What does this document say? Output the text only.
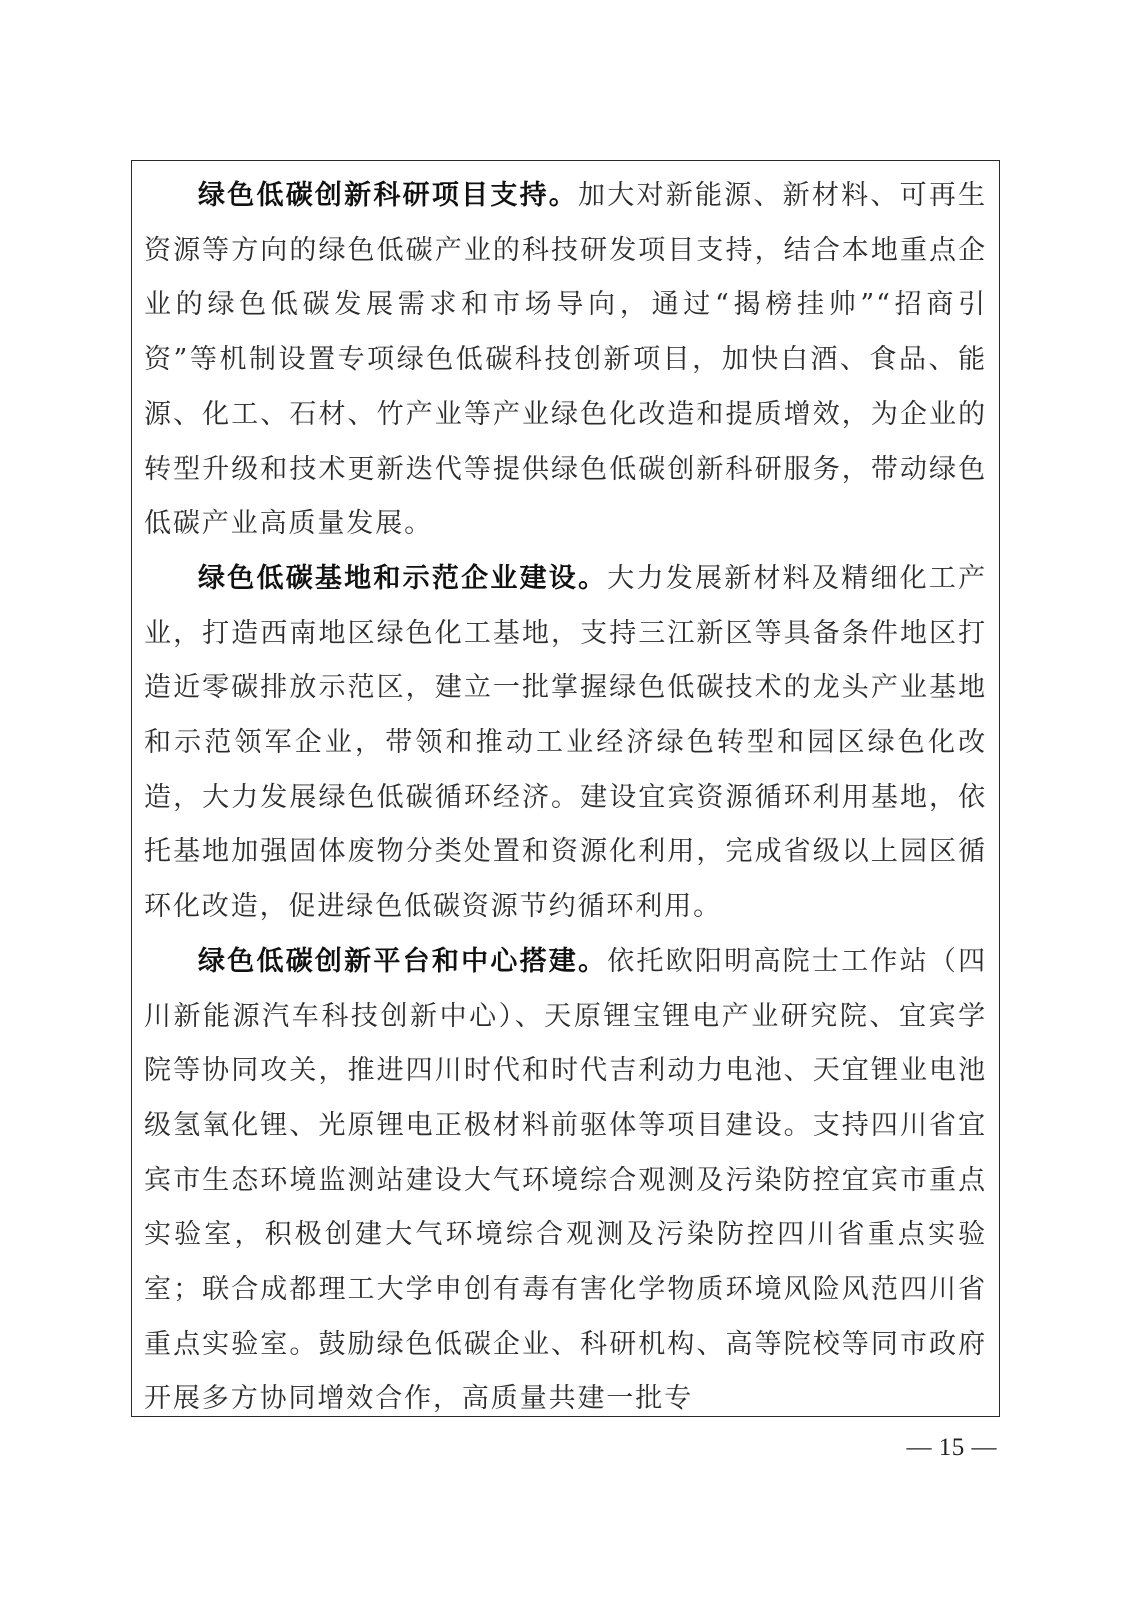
绿色低碳创新科研项目支持。加大对新能源、新材料、可再生资源等方向的绿色低碳产业的科技研发项目支持，结合本地重点企业的绿色低碳发展需求和市场导向，通过“揭榜挂帅”“招商引资”等机制设置专项绿色低碳科技创新项目，加快白酒、食品、能源、化工、石材、竹产业等产业绿色化改造和提质增效，为企业的转型升级和技术更新迭代等提供绿色低碳创新科研服务，带动绿色低碳产业高质量发展。

绿色低碳基地和示范企业建设。大力发展新材料及精细化工产业，打造西南地区绿色化工基地，支持三江新区等具备条件地区打造近零碳排放示范区，建立一批掌握绿色低碳技术的龙头产业基地和示范领军企业，带领和推动工业经济绿色转型和园区绿色化改造，大力发展绿色低碳循环经济。建设宜宾资源循环利用基地，依托基地加强固体废物分类处置和资源化利用，完成省级以上园区循环化改造，促进绿色低碳资源节约循环利用。

绿色低碳创新平台和中心搭建。依托欧阳明高院士工作站（四川新能源汽车科技创新中心）、天原锂宝锂电产业研究院、宜宾学院等协同攻关，推进四川时代和时代吉利动力电池、天宜锂业电池级氢氧化锂、光原锂电正极材料前驱体等项目建设。支持四川省宜宾市生态环境监测站建设大气环境综合观测及污染防控宜宾市重点实验室，积极创建大气环境综合观测及污染防控四川省重点实验室；联合成都理工大学申创有毒有害化学物质环境风险风范四川省重点实验室。鼓励绿色低碳企业、科研机构、高等院校等同市政府开展多方协同增效合作，高质量共建一批专

— 15 —
